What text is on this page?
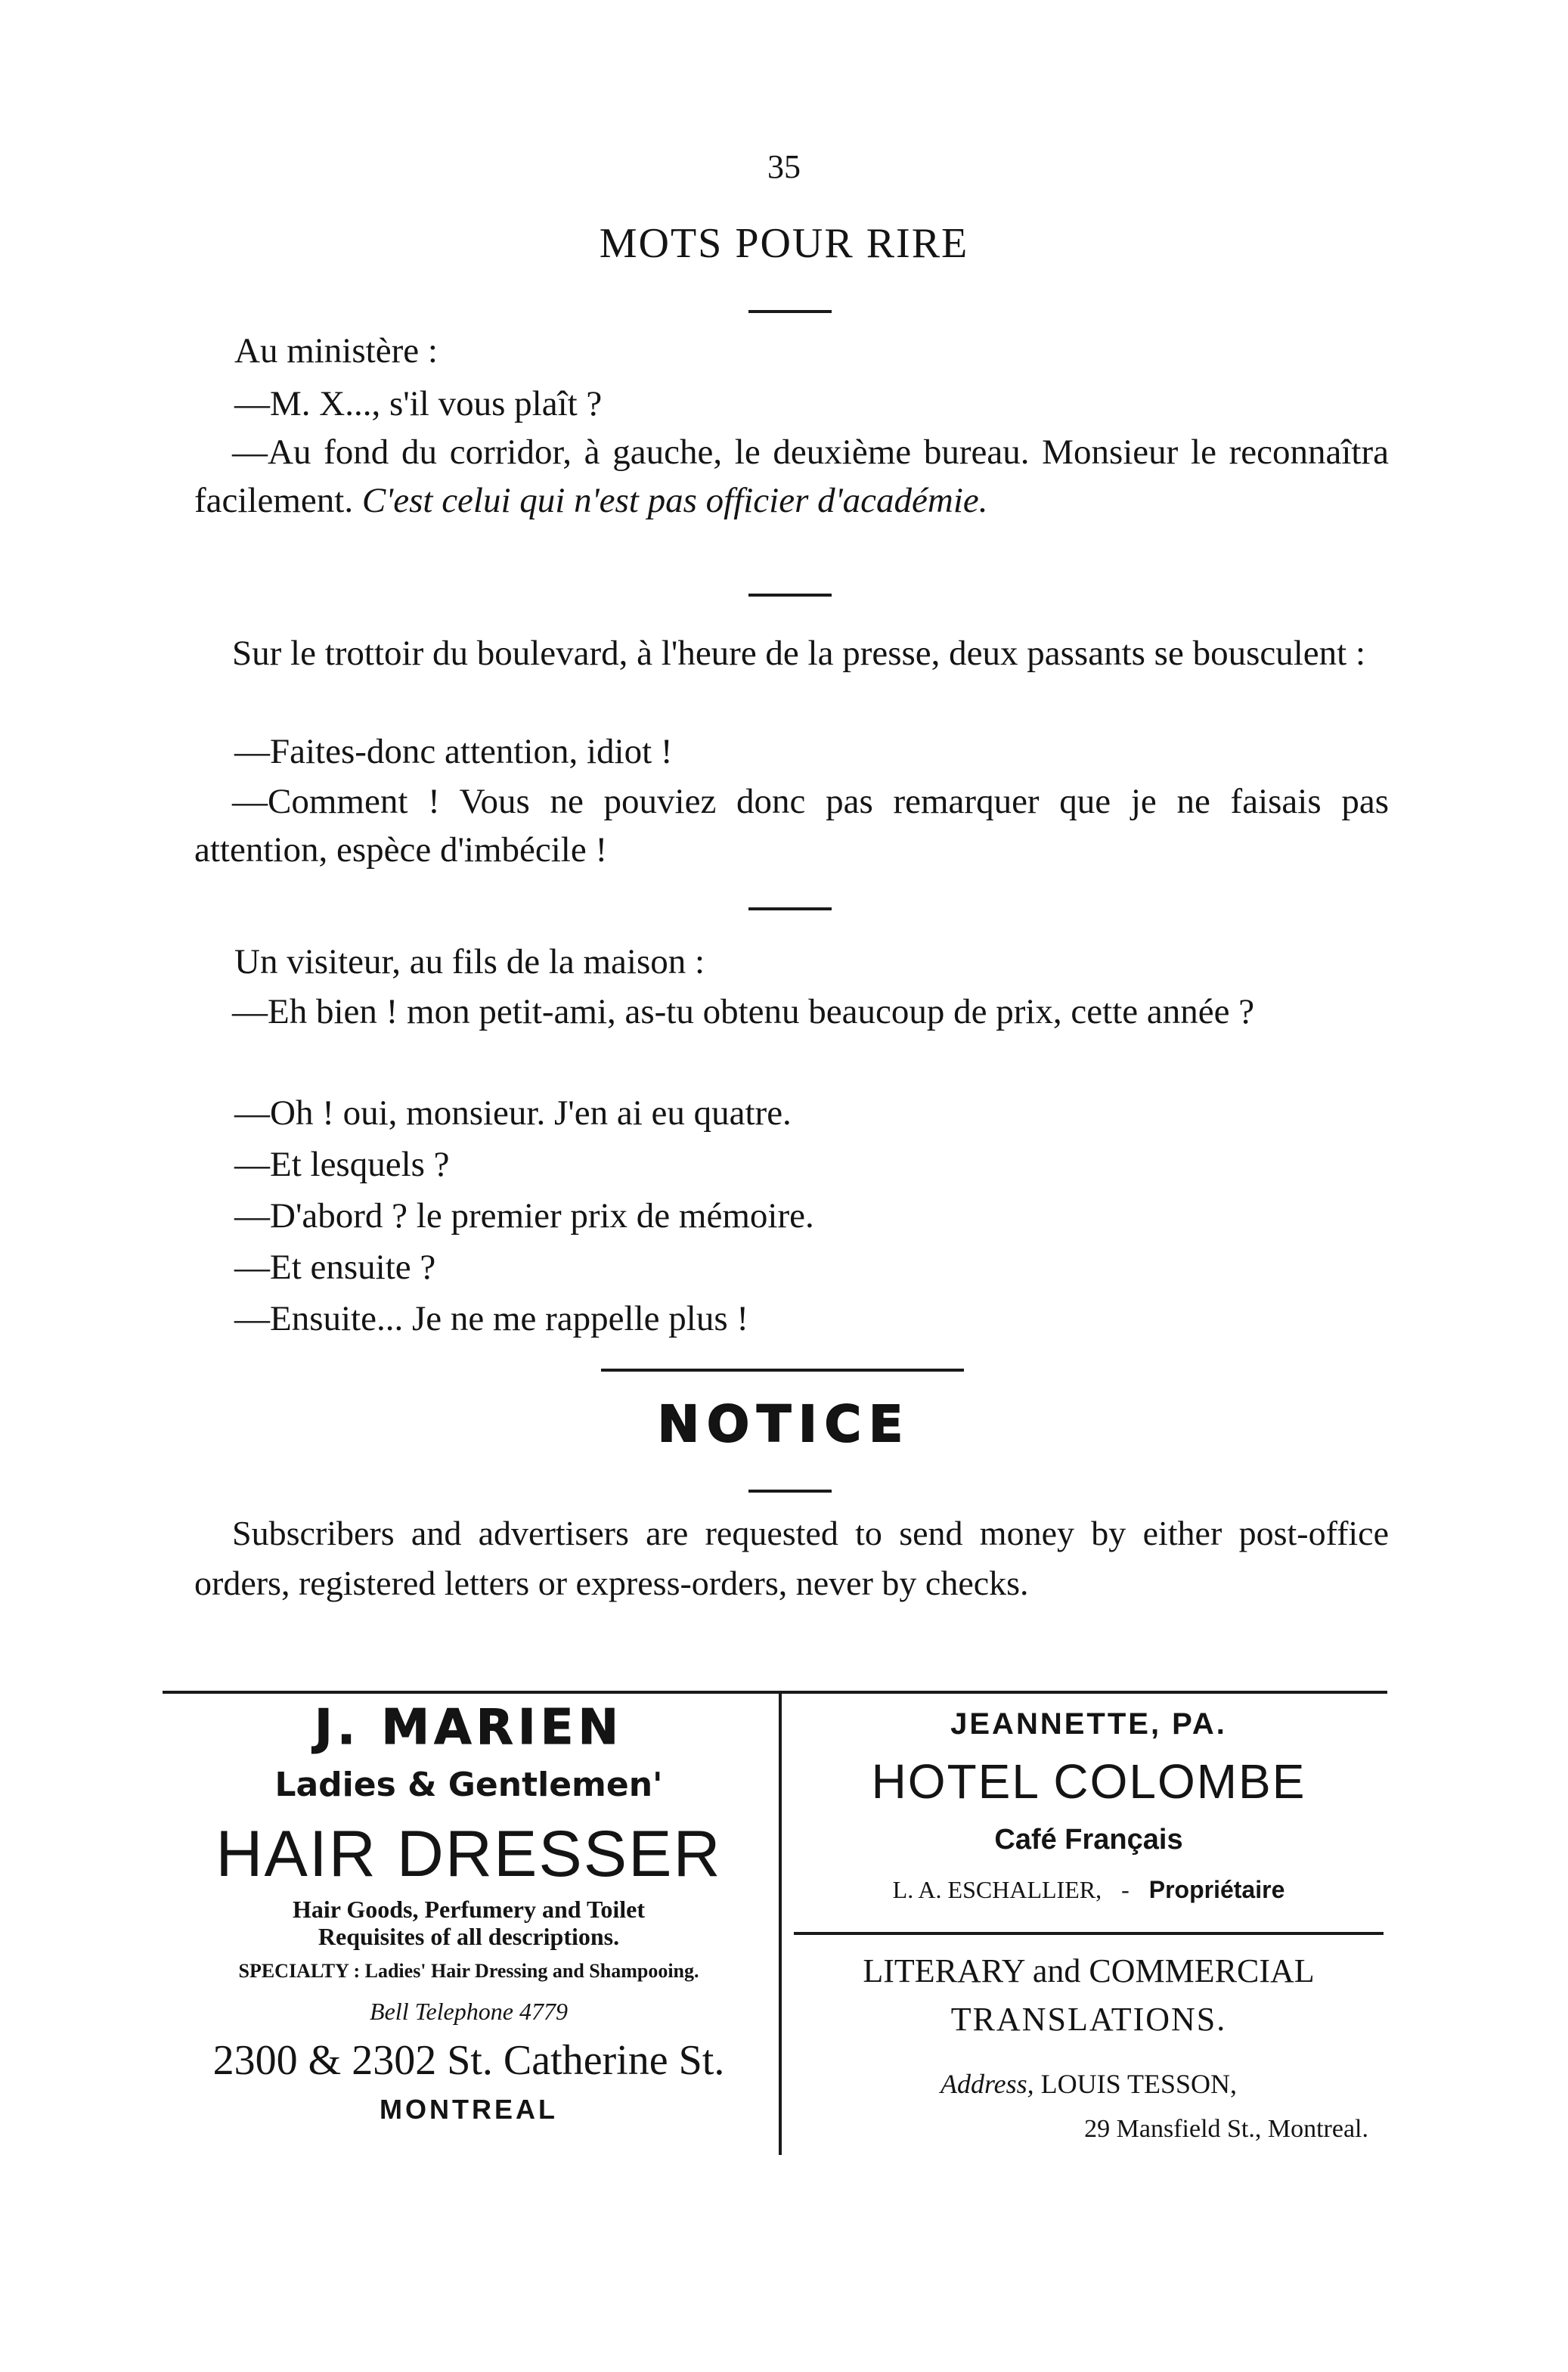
35
MOTS POUR RIRE
Au ministère :
—M. X..., s'il vous plaît ?
—Au fond du corridor, à gauche, le deuxième bureau. Monsieur le reconnaîtra facilement. C'est celui qui n'est pas officier d'académie.
Sur le trottoir du boulevard, à l'heure de la presse, deux passants se bousculent :
—Faites-donc attention, idiot !
—Comment ! Vous ne pouviez donc pas remarquer que je ne faisais pas attention, espèce d'imbécile !
Un visiteur, au fils de la maison :
—Eh bien ! mon petit-ami, as-tu obtenu beaucoup de prix, cette année ?
—Oh ! oui, monsieur. J'en ai eu quatre.
—Et lesquels ?
—D'abord ? le premier prix de mémoire.
—Et ensuite ?
—Ensuite... Je ne me rappelle plus !
NOTICE
Subscribers and advertisers are requested to send money by either post-office orders, registered letters or express-orders, never by checks.
J. MARIEN
Ladies & Gentlemen'
HAIR DRESSER
Hair Goods, Perfumery and Toilet Requisites of all descriptions.
SPECIALTY : Ladies' Hair Dressing and Shampooing.
Bell Telephone 4779
2300 & 2302 St. Catherine St.
MONTREAL
JEANNETTE, PA.
HOTEL COLOMBE
Café Français
L. A. ESCHALLIER, - Propriétaire
LITERARY and COMMERCIAL
TRANSLATIONS.
Address, LOUIS TESSON,
29 Mansfield St., Montreal.
